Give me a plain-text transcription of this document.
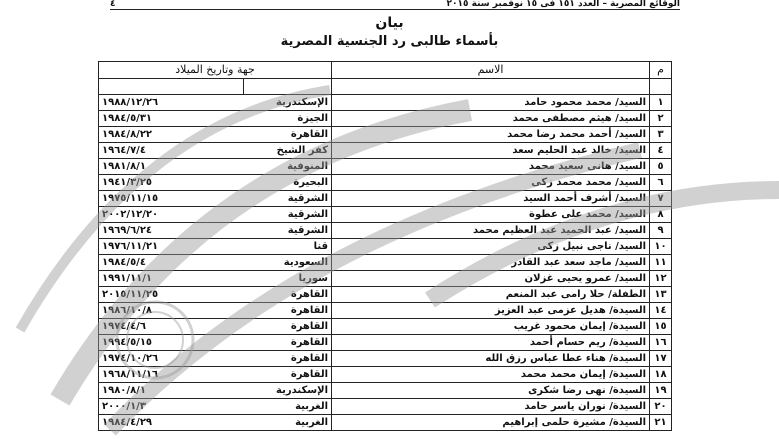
٤	الوقائع المصرية – العدد ١٥١ فى ١٥ نوفمبر سنة ٢٠١٥
بيان
بأسماء طالبى رد الجنسية المصرية
م	الاسم	جهة وتاريخ الميلاد	

١	السيد/ محمد محمود حامد	الإسكندرية	١٩٨٨/١٢/٢٦
٢	السيد/ هيثم مصطفى محمد	الجيزة	١٩٨٤/٥/٣١
٣	السيد/ أحمد محمد رضا محمد	القاهرة	١٩٨٤/٨/٢٢
٤	السيد/ خالد عبد الحليم سعد	كفر الشيخ	١٩٦٤/٧/٤
٥	السيد/ هانى سعيد محمد	المنوفية	١٩٨١/٨/١
٦	السيد/ محمد محمد زكى	البحيرة	١٩٤١/٣/٢٥
٧	السيد/ أشرف أحمد السيد	الشرقية	١٩٧٥/١١/١٥
٨	السيد/ محمد على عطوة	الشرقية	٢٠٠٢/١٢/٢٠
٩	السيد/ عبد الحميد عبد العظيم محمد	الشرقية	١٩٦٩/٦/٢٤
١٠	السيد/ ناجى نبيل زكى	قنا	١٩٧٦/١١/٢١
١١	السيد/ ماجد سعد عبد القادر	السعودية	١٩٨٤/٥/٤
١٢	السيد/ عمرو يحيى غزلان	سوريا	١٩٩١/١١/١
١٣	الطفلة/ حلا رامى عبد المنعم	القاهرة	٢٠١٥/١١/٢٥
١٤	السيدة/ هديل عزمى عبد العزيز	القاهرة	١٩٨٦/١٠/٨
١٥	السيدة/ إيمان محمود غريب	القاهرة	١٩٧٤/٤/٦
١٦	السيدة/ ريم حسام أحمد	القاهرة	١٩٩٤/٥/١٥
١٧	السيدة/ هناء عطا عباس رزق الله	القاهرة	١٩٧٤/١٠/٢٦
١٨	السيدة/ إيمان محمد محمد	القاهرة	١٩٦٨/١١/١٦
١٩	السيدة/ نهى رضا شكرى	الإسكندرية	١٩٨٠/٨/١
٢٠	السيدة/ نوران ياسر حامد	الغربية	٢٠٠٠/١/٣
٢١	السيدة/ مشيرة حلمى إبراهيم	الغربية	١٩٨٤/٤/٢٩
